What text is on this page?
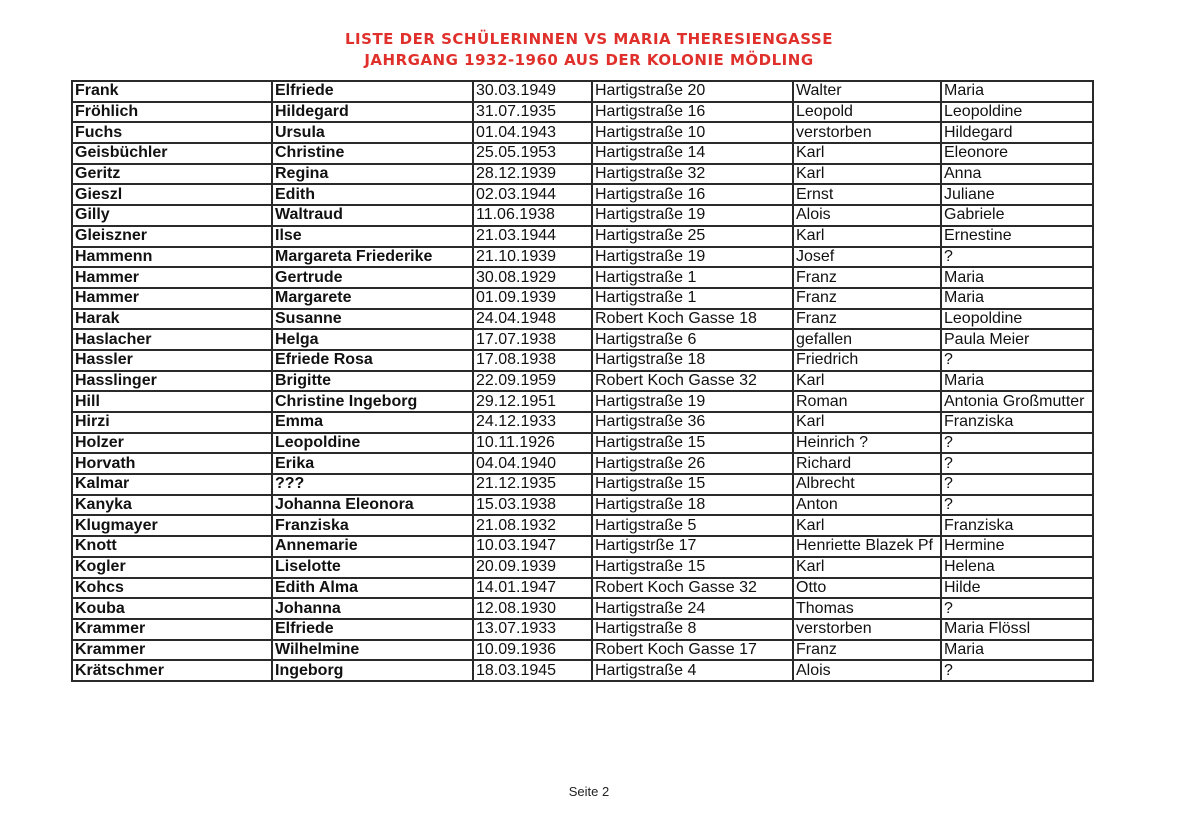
LISTE DER SCHÜLERINNEN VS MARIA THERESIENGASSE
JAHRGANG 1932-1960 AUS DER KOLONIE MÖDLING
Frank	Elfriede	30.03.1949	Hartigstraße 20	Walter	Maria
Fröhlich	Hildegard	31.07.1935	Hartigstraße 16	Leopold	Leopoldine
Fuchs	Ursula	01.04.1943	Hartigstraße 10	verstorben	Hildegard
Geisbüchler	Christine	25.05.1953	Hartigstraße 14	Karl	Eleonore
Geritz	Regina	28.12.1939	Hartigstraße 32	Karl	Anna
Gieszl	Edith	02.03.1944	Hartigstraße 16	Ernst	Juliane
Gilly	Waltraud	11.06.1938	Hartigstraße 19	Alois	Gabriele
Gleiszner	Ilse	21.03.1944	Hartigstraße 25	Karl	Ernestine
Hammenn	Margareta Friederike	21.10.1939	Hartigstraße 19	Josef	?
Hammer	Gertrude	30.08.1929	Hartigstraße 1	Franz	Maria
Hammer	Margarete	01.09.1939	Hartigstraße 1	Franz	Maria
Harak	Susanne	24.04.1948	Robert Koch Gasse 18	Franz	Leopoldine
Haslacher	Helga	17.07.1938	Hartigstraße 6	gefallen	Paula Meier
Hassler	Efriede Rosa	17.08.1938	Hartigstraße 18	Friedrich	?
Hasslinger	Brigitte	22.09.1959	Robert Koch Gasse 32	Karl	Maria
Hill	Christine Ingeborg	29.12.1951	Hartigstraße 19	Roman	Antonia Großmutter
Hirzi	Emma	24.12.1933	Hartigstraße 36	Karl	Franziska
Holzer	Leopoldine	10.11.1926	Hartigstraße 15	Heinrich ?	?
Horvath	Erika	04.04.1940	Hartigstraße 26	Richard	?
Kalmar	???	21.12.1935	Hartigstraße 15	Albrecht	?
Kanyka	Johanna Eleonora	15.03.1938	Hartigstraße 18	Anton	?
Klugmayer	Franziska	21.08.1932	Hartigstraße 5	Karl	Franziska
Knott	Annemarie	10.03.1947	Hartigstrße 17	Henriette Blazek Pf	Hermine
Kogler	Liselotte	20.09.1939	Hartigstraße 15	Karl	Helena
Kohcs	Edith Alma	14.01.1947	Robert Koch Gasse 32	Otto	Hilde
Kouba	Johanna	12.08.1930	Hartigstraße 24	Thomas	?
Krammer	Elfriede	13.07.1933	Hartigstraße 8	verstorben	Maria Flössl
Krammer	Wilhelmine	10.09.1936	Robert Koch Gasse 17	Franz	Maria
Krätschmer	Ingeborg	18.03.1945	Hartigstraße 4	Alois	?
Seite 2
